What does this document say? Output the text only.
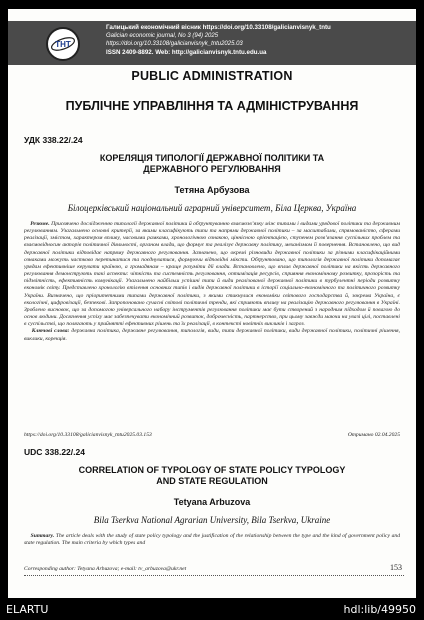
ТНТ
Галицький економічний вісник https://doi.org/10.33108/galicianvisnyk_tntu
Galician economic journal, No 3 (94) 2025
https://doi.org/10.33108/galicianvisnyk_tntu2025.03
ISSN 2409-8892. Web: http://galicianvisnyk.tntu.edu.ua
PUBLIC ADMINISTRATION
ПУБЛІЧНЕ УПРАВЛІННЯ ТА АДМІНІСТРУВАННЯ
УДК 338.22/.24
КОРЕЛЯЦІЯ ТИПОЛОГІЇ ДЕРЖАВНОЇ ПОЛІТИКИ ТА
ДЕРЖАВНОГО РЕГУЛЮВАННЯ
Тетяна Арбузова
Білоцерківський національний аграрний університет, Біла Церква, Україна
Резюме. Присвячено дослідженню типології державної політики й обґрунтуванню взаємозв’язку між типами і видами урядової політики та державним регулюванням. Узагальнено основні критерії, за якими класифікують типи та напрями державної політики – за масштабами, спрямованістю, сферами реалізації, змістом, характером впливу, часовими рамками, хронологічною ознакою, ціннісною орієнтацією, ступенем розв’язання суспільних проблем та взаємовідносин акторів політичної діяльності, органом влади, що формує та реалізує державну політику, механізмом її повернення. Встановлено, що вид державної політики відповідає напряму державного регулювання. Зазначено, що окремі різновиди державної політики за різними класифікаційними ознаками можуть частково перетинатися та поєднуватися, формуючи відповідні міксти. Обґрунтовано, що типологія державної політики допомагає урядам ефективніше керувати країною, а громадянам – краще розуміти дії влади. Встановлено, що вплив державної політики на якість державного регулювання демонструють такі аспекти: чіткість та системність регулювання, оптимізація ресурсів, сприяння економічному розвитку, прозорість та підзвітність, ефективність комунікації. Узагальнено найбільш успішні типи й види реалізованої державної політики в турбулентні періоди розвитку економік світу. Представлено хронологію втілення основних типів і видів державної політики в історії соціально-економічного та політичного розвитку України. Визначено, що пріоритетними типами державної політики, з якими стикнулися економіки світового господарства й, зокрема Україна, є екологічні, цифровізації, безпекові. Запропоновано сучасні світові політичні тренди, які сприяють впливу на реалізацію державного регулювання в Україні. Зроблено висновок, що за допомогою універсального набору інструментів регулювання політики має бути створений з народним підходом й повагою до основ людини. Досягнення успіху має забезпечувати економічний розвиток, доброчесність, партнерство, при цьому завжди маючи на увазі цілі, поставлені в суспільстві, що полягають у прийнятті ефективних рішень та їх реалізації, в контексті новітніх викликів і загроз.
Ключові слова: державна політика, державне регулювання, типологія, види, типи державної політики, види державної політики, політичні рішення, виклики, корекція.
https://doi.org/10.33108/galicianvisnyk_tntu2025.03.153	Отримано 02.04.2025
UDC 338.22/.24
CORRELATION OF TYPOLOGY OF STATE POLICY TYPOLOGY
AND STATE REGULATION
Tetyana Arbuzova
Bila Tserkva National Agrarian University, Bila Tserkva, Ukraine
Summary. The article deals with the study of state policy typology and the justification of the relationship between the type and the kind of government policy and state regulation. The main criteria by which types and
Corresponding author: Tetyana Arbuzova; e-mail: tv_arbuzova@ukr.net	153
ELARTU	hdl:lib/49950
